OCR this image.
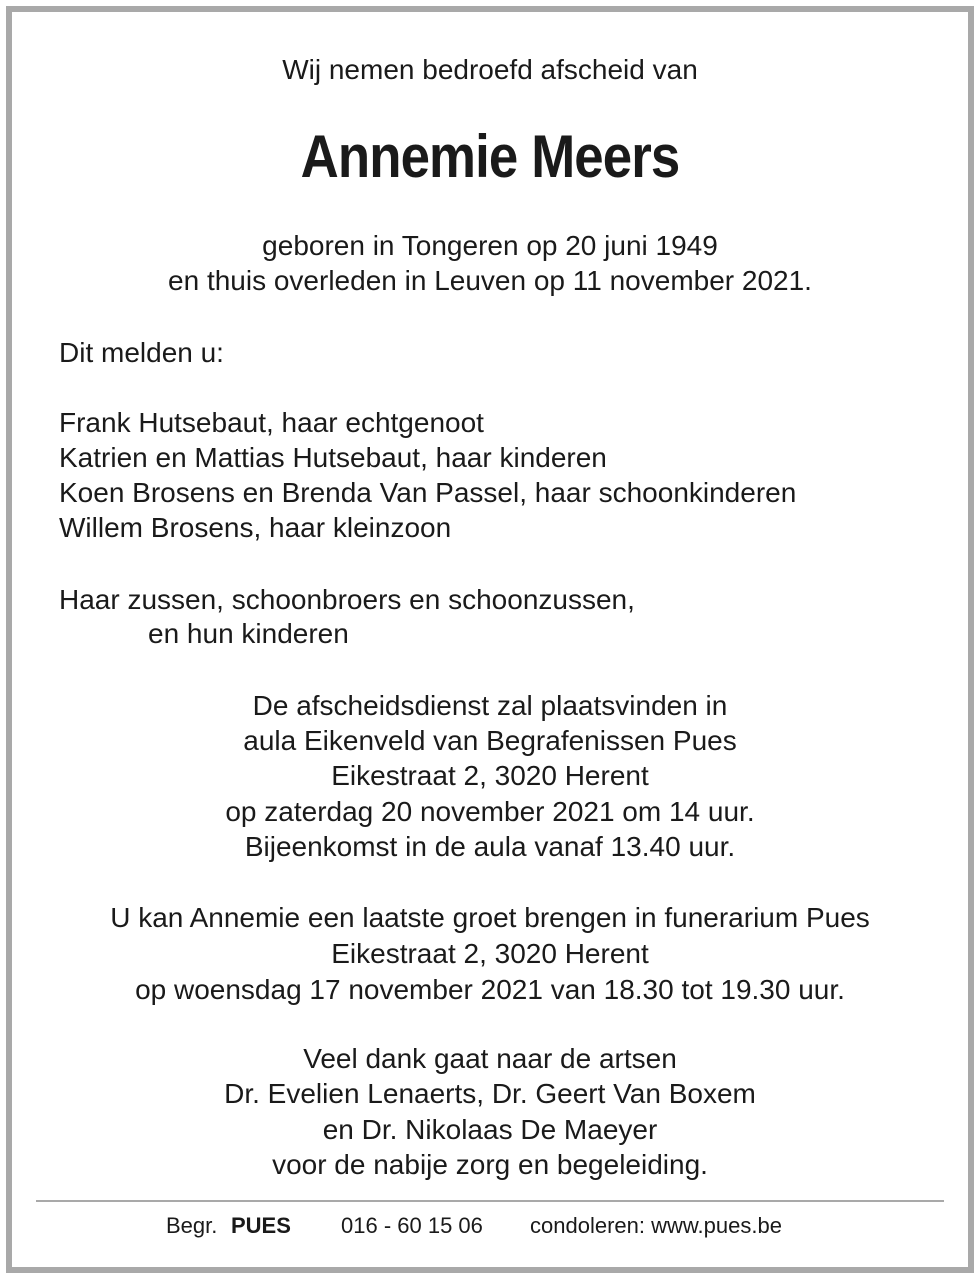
Wij nemen bedroefd afscheid van
Annemie Meers
geboren in Tongeren op 20 juni 1949
en thuis overleden in Leuven op 11 november 2021.
Dit melden u:
Frank Hutsebaut, haar echtgenoot
Katrien en Mattias Hutsebaut, haar kinderen
Koen Brosens en Brenda Van Passel, haar schoonkinderen
Willem Brosens, haar kleinzoon
Haar zussen, schoonbroers en schoonzussen,
en hun kinderen
De afscheidsdienst zal plaatsvinden in
aula Eikenveld van Begrafenissen Pues
Eikestraat 2, 3020 Herent
op zaterdag 20 november 2021 om 14 uur.
Bijeenkomst in de aula vanaf 13.40 uur.
U kan Annemie een laatste groet brengen in funerarium Pues
Eikestraat 2, 3020 Herent
op woensdag 17 november 2021 van 18.30 tot 19.30 uur.
Veel dank gaat naar de artsen
Dr. Evelien Lenaerts, Dr. Geert Van Boxem
en Dr. Nikolaas De Maeyer
voor de nabije zorg en begeleiding.
Begr. PUES 016 - 60 15 06 condoleren: www.pues.be
